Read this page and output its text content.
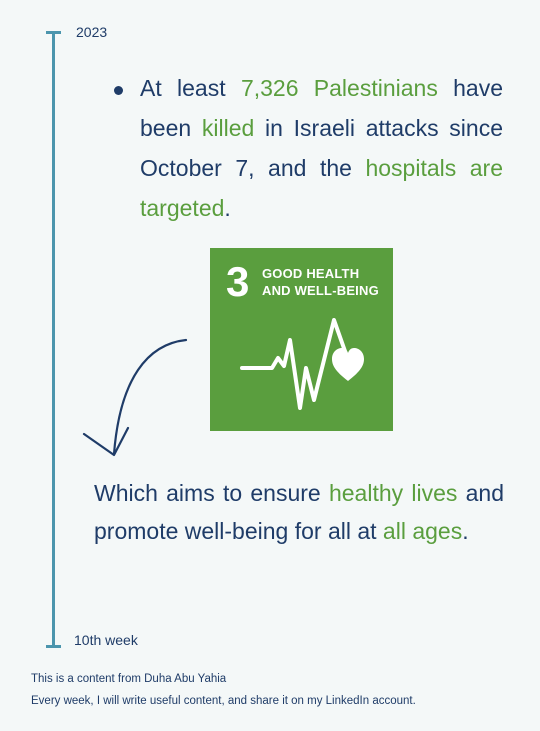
2023
10th week
At least 7,326 Palestinians have been killed in Israeli attacks since October 7, and the hospitals are targeted.
3 GOOD HEALTH
AND WELL-BEING
Which aims to ensure healthy lives and promote well-being for all at all ages.
This is a content from Duha Abu Yahia
Every week, I will write useful content, and share it on my LinkedIn account.
